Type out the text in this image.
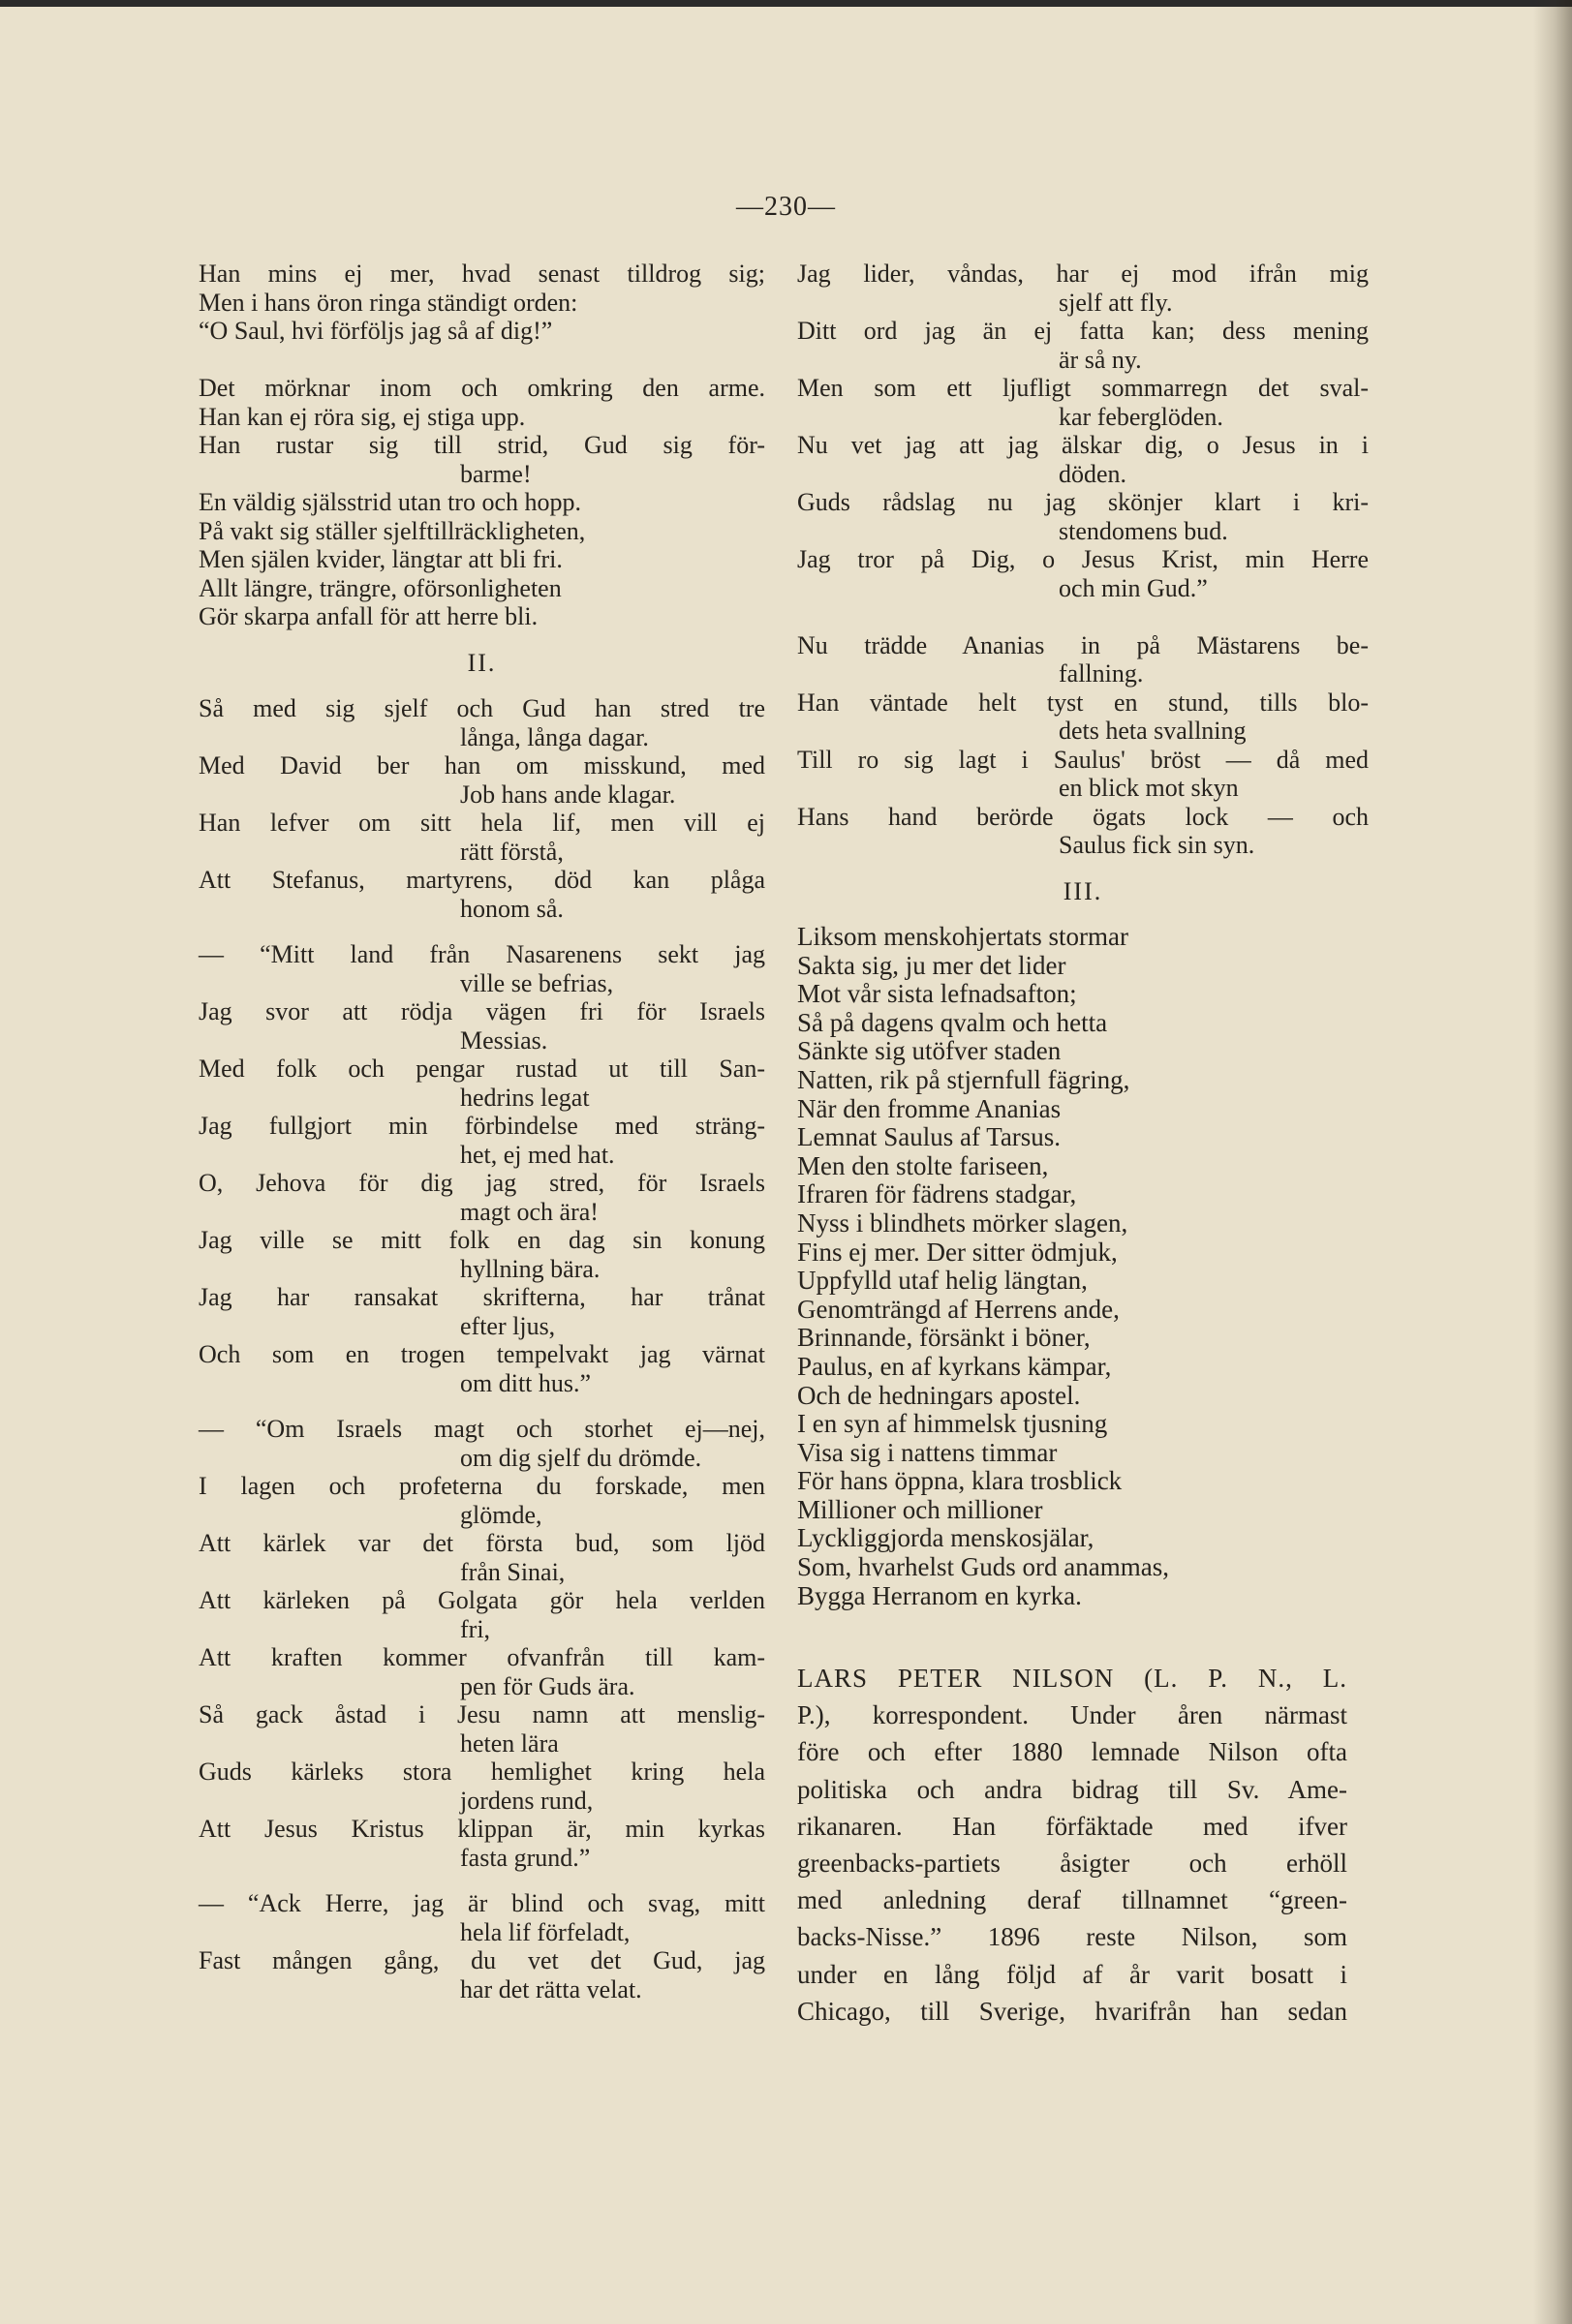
—230—
Han mins ej mer, hvad senast tilldrog sig;
Men i hans öron ringa ständigt orden:
“O Saul, hvi förföljs jag så af dig!”
Det mörknar inom och omkring den arme.
Han kan ej röra sig, ej stiga upp.
Han rustar sig till strid, Gud sig för-
barme!
En väldig själsstrid utan tro och hopp.
På vakt sig ställer sjelftillräckligheten,
Men själen kvider, längtar att bli fri.
Allt längre, trängre, oförsonligheten
Gör skarpa anfall för att herre bli.
II.
Så med sig sjelf och Gud han stred tre
långa, långa dagar.
Med David ber han om misskund, med
Job hans ande klagar.
Han lefver om sitt hela lif, men vill ej
rätt förstå,
Att Stefanus, martyrens, död kan plåga
honom så.
— “Mitt land från Nasarenens sekt jag
ville se befrias,
Jag svor att rödja vägen fri för Israels
Messias.
Med folk och pengar rustad ut till San-
hedrins legat
Jag fullgjort min förbindelse med sträng-
het, ej med hat.
O, Jehova för dig jag stred, för Israels
magt och ära!
Jag ville se mitt folk en dag sin konung
hyllning bära.
Jag har ransakat skrifterna, har trånat
efter ljus,
Och som en trogen tempelvakt jag värnat
om ditt hus.”
— “Om Israels magt och storhet ej—nej,
om dig sjelf du drömde.
I lagen och profeterna du forskade, men
glömde,
Att kärlek var det första bud, som ljöd
från Sinai,
Att kärleken på Golgata gör hela verlden
fri,
Att kraften kommer ofvanfrån till kam-
pen för Guds ära.
Så gack åstad i Jesu namn att menslig-
heten lära
Guds kärleks stora hemlighet kring hela
jordens rund,
Att Jesus Kristus klippan är, min kyrkas
fasta grund.”
— “Ack Herre, jag är blind och svag, mitt
hela lif förfeladt,
Fast mången gång, du vet det Gud, jag
har det rätta velat.
Jag lider, våndas, har ej mod ifrån mig
sjelf att fly.
Ditt ord jag än ej fatta kan; dess mening
är så ny.
Men som ett ljufligt sommarregn det sval-
kar feberglöden.
Nu vet jag att jag älskar dig, o Jesus in i
döden.
Guds rådslag nu jag skönjer klart i kri-
stendomens bud.
Jag tror på Dig, o Jesus Krist, min Herre
och min Gud.”
Nu trädde Ananias in på Mästarens be-
fallning.
Han väntade helt tyst en stund, tills blo-
dets heta svallning
Till ro sig lagt i Saulus' bröst — då med
en blick mot skyn
Hans hand berörde ögats lock — och
Saulus fick sin syn.
III.
Liksom menskohjertats stormar
Sakta sig, ju mer det lider
Mot vår sista lefnadsafton;
Så på dagens qvalm och hetta
Sänkte sig utöfver staden
Natten, rik på stjernfull fägring,
När den fromme Ananias
Lemnat Saulus af Tarsus.
Men den stolte fariseen,
Ifraren för fädrens stadgar,
Nyss i blindhets mörker slagen,
Fins ej mer. Der sitter ödmjuk,
Uppfylld utaf helig längtan,
Genomträngd af Herrens ande,
Brinnande, försänkt i böner,
Paulus, en af kyrkans kämpar,
Och de hedningars apostel.
I en syn af himmelsk tjusning
Visa sig i nattens timmar
För hans öppna, klara trosblick
Millioner och millioner
Lyckliggjorda menskosjälar,
Som, hvarhelst Guds ord anammas,
Bygga Herranom en kyrka.
LARS PETER NILSON (L. P. N., L.
P.), korrespondent. Under åren närmast
före och efter 1880 lemnade Nilson ofta
politiska och andra bidrag till Sv. Ame-
rikanaren. Han förfäktade med ifver
greenbacks-partiets åsigter och erhöll
med anledning deraf tillnamnet “green-
backs-Nisse.” 1896 reste Nilson, som
under en lång följd af år varit bosatt i
Chicago, till Sverige, hvarifrån han sedan
